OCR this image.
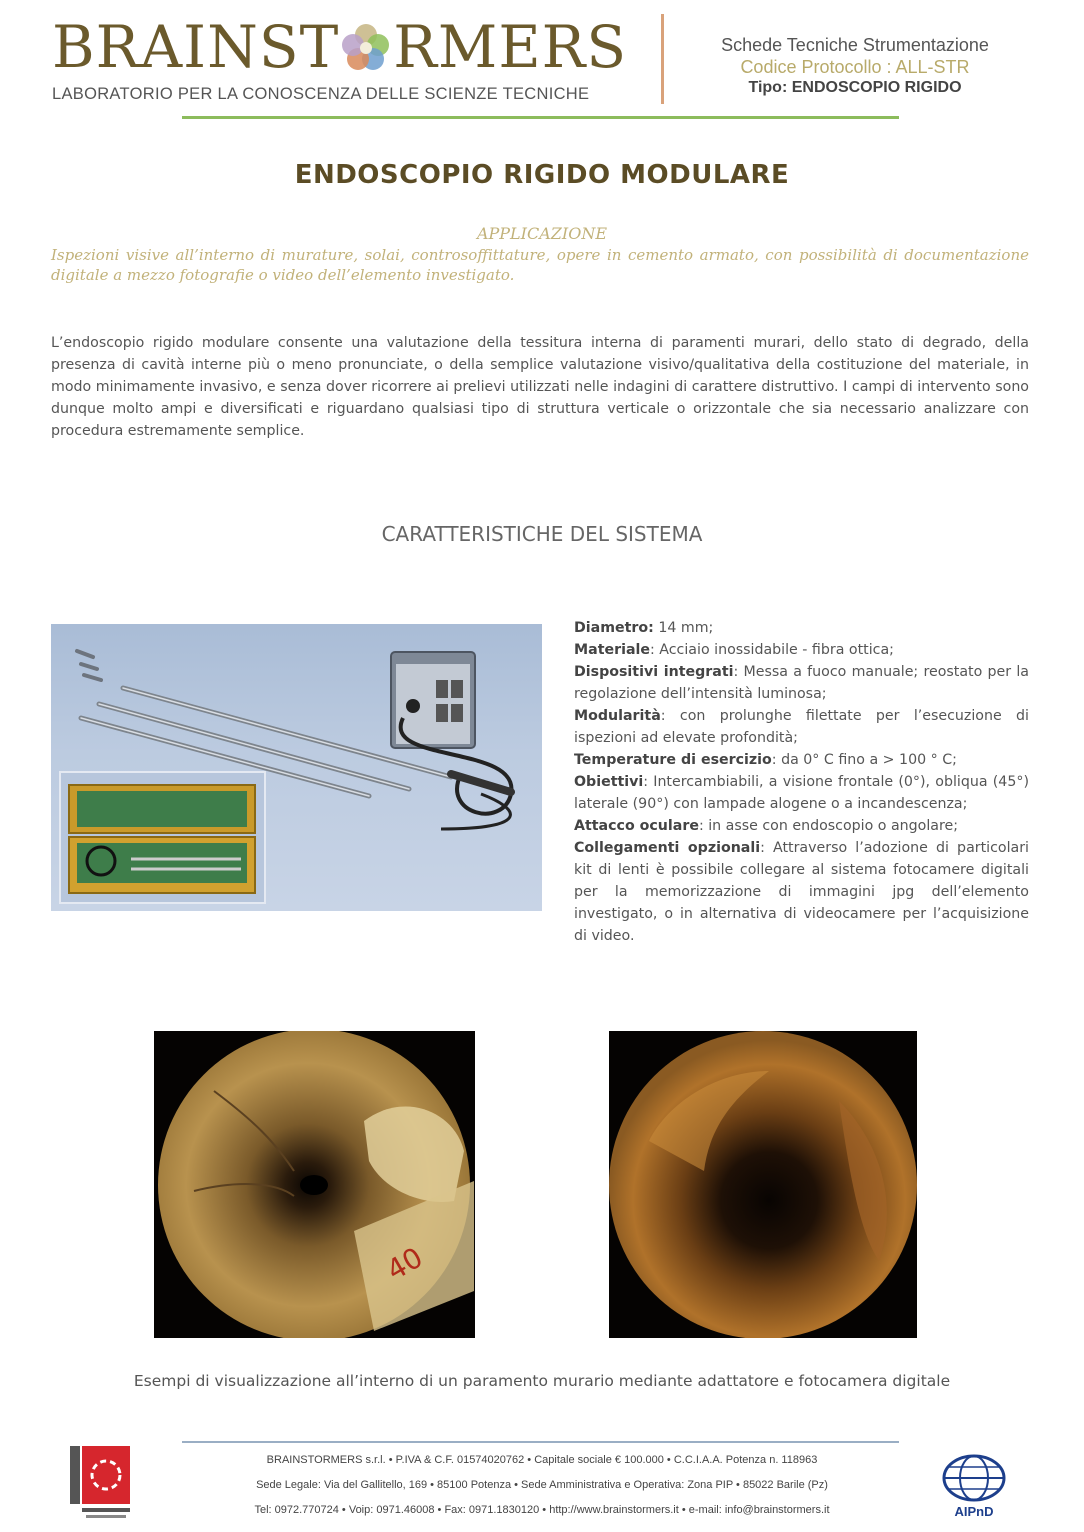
BRAINST RMERS
LABORATORIO PER LA CONOSCENZA DELLE SCIENZE TECNICHE
Schede Tecniche Strumentazione
Codice Protocollo : ALL-STR
Tipo: ENDOSCOPIO RIGIDO
ENDOSCOPIO RIGIDO MODULARE
APPLICAZIONE
Ispezioni visive all’interno di murature, solai, controsoffittature, opere in cemento armato, con possibilità di documentazione digitale a mezzo fotografie o video dell’elemento investigato.
L’endoscopio rigido modulare consente una valutazione della tessitura interna di paramenti murari, dello stato di degrado, della presenza di cavità interne più o meno pronunciate, o della semplice valutazione visivo/qualitativa della costituzione del materiale, in modo minimamente invasivo, e senza dover ricorrere ai prelievi utilizzati nelle indagini di carattere distruttivo. I campi di intervento sono dunque molto ampi e diversificati e riguardano qualsiasi tipo di struttura verticale o orizzontale che sia necessario analizzare con procedura estremamente semplice.
CARATTERISTICHE DEL SISTEMA

Diametro: 14 mm;

Materiale: Acciaio inossidabile - fibra ottica;

Dispositivi integrati: Messa a fuoco manuale; reostato per la regolazione dell’intensità luminosa;

Modularità: con prolunghe filettate per l’esecuzione di ispezioni ad elevate profondità;

Temperature di esercizio: da 0° C fino a > 100 ° C;

Obiettivi: Intercambiabili, a visione frontale (0°), obliqua (45°) laterale (90°) con lampade alogene o a incandescenza;

Attacco oculare: in asse con endoscopio o angolare;

Collegamenti opzionali: Attraverso l’adozione di particolari kit di lenti è possibile collegare al sistema fotocamere digitali per la memorizzazione di immagini jpg dell’elemento investigato, o in alternativa di videocamere per l’acquisizione di video.

40
Esempi di visualizzazione all’interno di un paramento murario mediante adattatore e fotocamera digitale
BRAINSTORMERS s.r.l. • P.IVA & C.F. 01574020762 • Capitale sociale € 100.000 • C.C.I.A.A. Potenza n. 118963
Sede Legale: Via del Gallitello, 169 • 85100 Potenza • Sede Amministrativa e Operativa: Zona PIP • 85022 Barile (Pz)
Tel: 0972.770724 • Voip: 0971.46008 • Fax: 0971.1830120 • http://www.brainstormers.it • e-mail: info@brainstormers.it	AIPnD
